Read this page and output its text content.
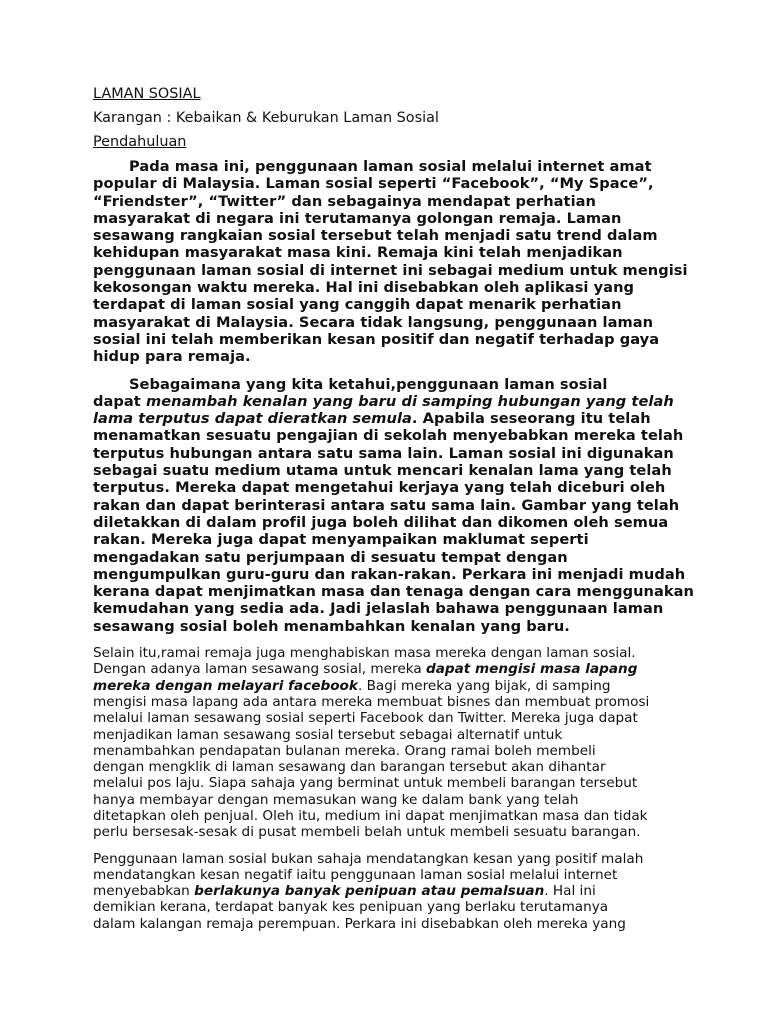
LAMAN SOSIAL
Karangan : Kebaikan & Keburukan Laman Sosial
Pendahuluan

Pada masa ini, penggunaan laman sosial melalui internet amat
popular di Malaysia. Laman sosial seperti “Facebook”, “My Space”,
“Friendster”, “Twitter” dan sebagainya mendapat perhatian
masyarakat di negara ini terutamanya golongan remaja. Laman
sesawang rangkaian sosial tersebut telah menjadi satu trend dalam
kehidupan masyarakat masa kini. Remaja kini telah menjadikan
penggunaan laman sosial di internet ini sebagai medium untuk mengisi
kekosongan waktu mereka. Hal ini disebabkan oleh aplikasi yang
terdapat di laman sosial yang canggih dapat menarik perhatian
masyarakat di Malaysia. Secara tidak langsung, penggunaan laman
sosial ini telah memberikan kesan positif dan negatif terhadap gaya
hidup para remaja.

Sebagaimana yang kita ketahui,penggunaan laman sosial
dapat menambah kenalan yang baru di samping hubungan yang telah
lama terputus dapat dieratkan semula. Apabila seseorang itu telah
menamatkan sesuatu pengajian di sekolah menyebabkan mereka telah
terputus hubungan antara satu sama lain. Laman sosial ini digunakan
sebagai suatu medium utama untuk mencari kenalan lama yang telah
terputus. Mereka dapat mengetahui kerjaya yang telah diceburi oleh
rakan dan dapat berinterasi antara satu sama lain. Gambar yang telah
diletakkan di dalam profil juga boleh dilihat dan dikomen oleh semua
rakan. Mereka juga dapat menyampaikan maklumat seperti
mengadakan satu perjumpaan di sesuatu tempat dengan
mengumpulkan guru-guru dan rakan-rakan. Perkara ini menjadi mudah
kerana dapat menjimatkan masa dan tenaga dengan cara menggunakan
kemudahan yang sedia ada. Jadi jelaslah bahawa penggunaan laman
sesawang sosial boleh menambahkan kenalan yang baru.

Selain itu,ramai remaja juga menghabiskan masa mereka dengan laman sosial.
Dengan adanya laman sesawang sosial, mereka dapat mengisi masa lapang
mereka dengan melayari facebook. Bagi mereka yang bijak, di samping
mengisi masa lapang ada antara mereka membuat bisnes dan membuat promosi
melalui laman sesawang sosial seperti Facebook dan Twitter. Mereka juga dapat
menjadikan laman sesawang sosial tersebut sebagai alternatif untuk
menambahkan pendapatan bulanan mereka. Orang ramai boleh membeli
dengan mengklik di laman sesawang dan barangan tersebut akan dihantar
melalui pos laju. Siapa sahaja yang berminat untuk membeli barangan tersebut
hanya membayar dengan memasukan wang ke dalam bank yang telah
ditetapkan oleh penjual. Oleh itu, medium ini dapat menjimatkan masa dan tidak
perlu bersesak-sesak di pusat membeli belah untuk membeli sesuatu barangan.

Penggunaan laman sosial bukan sahaja mendatangkan kesan yang positif malah
mendatangkan kesan negatif iaitu penggunaan laman sosial melalui internet
menyebabkan berlakunya banyak penipuan atau pemalsuan. Hal ini
demikian kerana, terdapat banyak kes penipuan yang berlaku terutamanya
dalam kalangan remaja perempuan. Perkara ini disebabkan oleh mereka yang
